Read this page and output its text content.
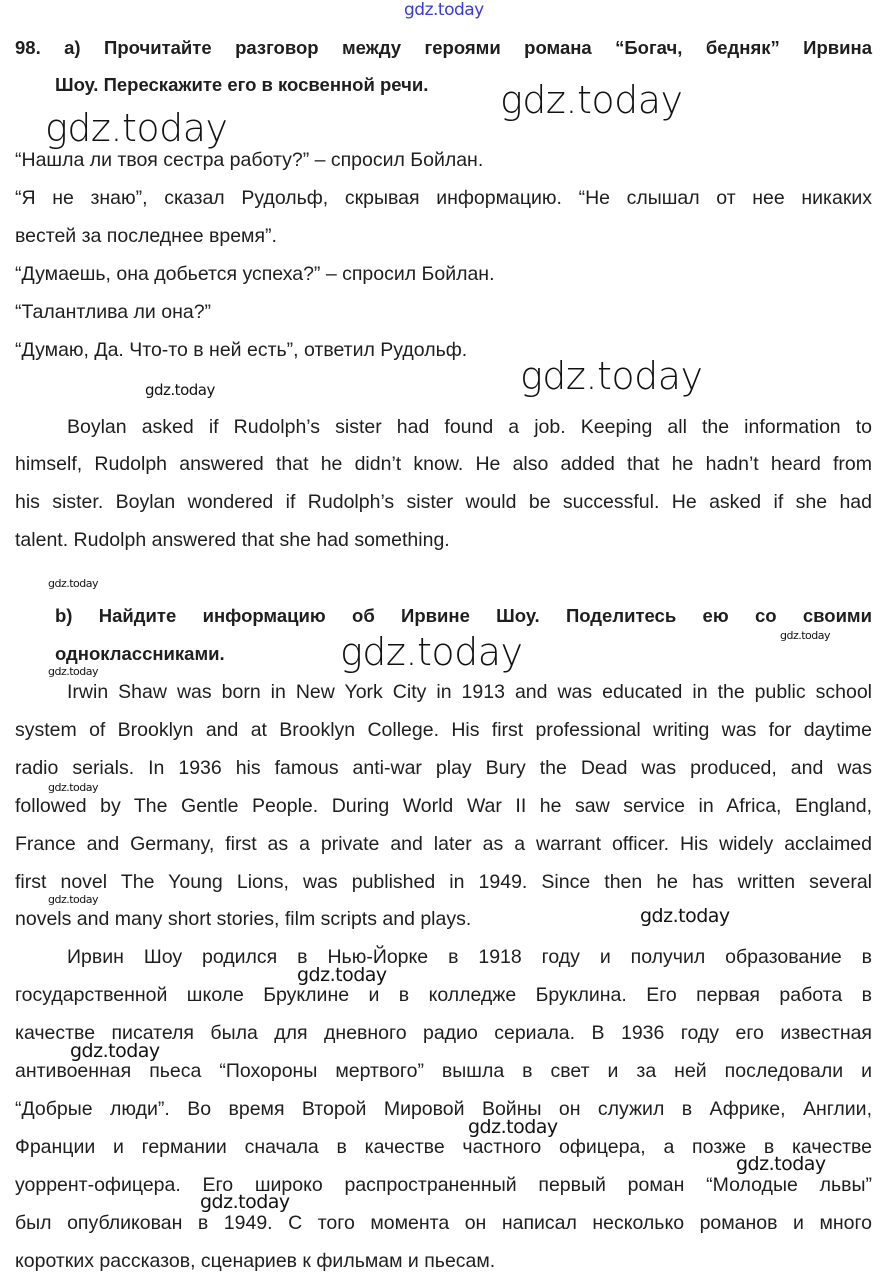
98. a) Прочитайте разговор между героями романа “Богач, бедняк” Ирвина
Шоу. Перескажите его в косвенной речи.
“Нашла ли твоя сестра работу?” – спросил Бойлан.
“Я не знаю”, сказал Рудольф, скрывая информацию. “Не слышал от нее никаких
вестей за последнее время”.
“Думаешь, она добьется успеха?” – спросил Бойлан.
“Талантлива ли она?”
“Думаю, Да. Что-то в ней есть”, ответил Рудольф.
Boylan asked if Rudolph’s sister had found a job. Keeping all the information to
himself, Rudolph answered that he didn’t know. He also added that he hadn’t heard from
his sister. Boylan wondered if Rudolph’s sister would be successful. He asked if she had
talent. Rudolph answered that she had something.
b) Найдите информацию об Ирвине Шоу. Поделитесь ею со своими
одноклассниками.
Irwin Shaw was born in New York City in 1913 and was educated in the public school
system of Brooklyn and at Brooklyn College. His first professional writing was for daytime
radio serials. In 1936 his famous anti-war play Bury the Dead was produced, and was
followed by The Gentle People. During World War II he saw service in Africa, England,
France and Germany, first as a private and later as a warrant officer. His widely acclaimed
first novel The Young Lions, was published in 1949. Since then he has written several
novels and many short stories, film scripts and plays.
Ирвин Шоу родился в Нью-Йорке в 1918 году и получил образование в
государственной школе Бруклине и в колледже Бруклина. Его первая работа в
качестве писателя была для дневного радио сериала. В 1936 году его известная
антивоенная пьеса “Похороны мертвого” вышла в свет и за ней последовали и
“Добрые люди”. Во время Второй Мировой Войны он служил в Африке, Англии,
Франции и германии сначала в качестве частного офицера, а позже в качестве
уоррент-офицера. Его широко распространенный первый роман “Молодые львы”
был опубликован в 1949. С того момента он написал несколько романов и много
коротких рассказов, сценариев к фильмам и пьесам.
gdz.today
gdz.today
gdz.today
gdz.today	gdz.today
gdz.today
gdz.today
gdz.today	gdz.today
gdz.today
gdz.today
gdz.today
gdz.today
gdz.today
gdz.today
gdz.today
gdz.today
